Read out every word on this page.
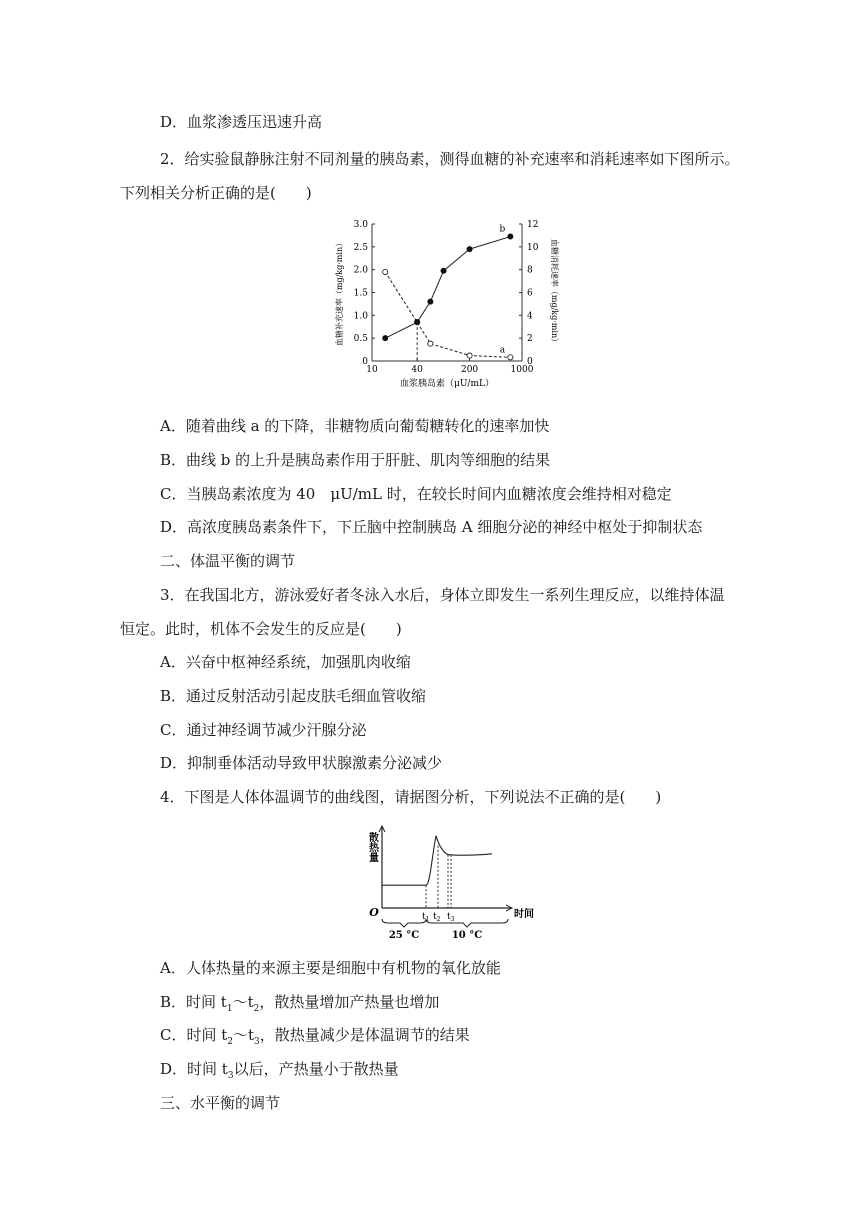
D．血浆渗透压迅速升高
2．给实验鼠静脉注射不同剂量的胰岛素，测得血糖的补充速率和消耗速率如下图所示。
下列相关分析正确的是(　　)
10	40	200	1000
0
0.5
1.0
1.5
2.0
2.5
3.0
0
2
4
6
8
10
12
血浆胰岛素（μU/mL）
血糖补充速率（mg/kg·min）	血糖消耗速率（mg/kg·min）
a
b
A．随着曲线 a 的下降，非糖物质向葡萄糖转化的速率加快
B．曲线 b 的上升是胰岛素作用于肝脏、肌肉等细胞的结果
C．当胰岛素浓度为 40　μU/mL 时，在较长时间内血糖浓度会维持相对稳定
D．高浓度胰岛素条件下，下丘脑中控制胰岛 A 细胞分泌的神经中枢处于抑制状态
二、体温平衡的调节
3．在我国北方，游泳爱好者冬泳入水后，身体立即发生一系列生理反应，以维持体温
恒定。此时，机体不会发生的反应是(　　)
A．兴奋中枢神经系统，加强肌肉收缩
B．通过反射活动引起皮肤毛细血管收缩
C．通过神经调节减少汗腺分泌
D．抑制垂体活动导致甲状腺激素分泌减少
4．下图是人体体温调节的曲线图，请据图分析，下列说法不正确的是(　　)
O
散热量
时间
$t_1$ $t_2$ $t_3$
25 °C	10 °C
A．人体热量的来源主要是细胞中有机物的氧化放能
B．时间 $t_1\sim t_2$，散热量增加产热量也增加
C．时间 $t_2\sim t_3$，散热量减少是体温调节的结果
D．时间 $t_3$以后，产热量小于散热量
三、水平衡的调节
